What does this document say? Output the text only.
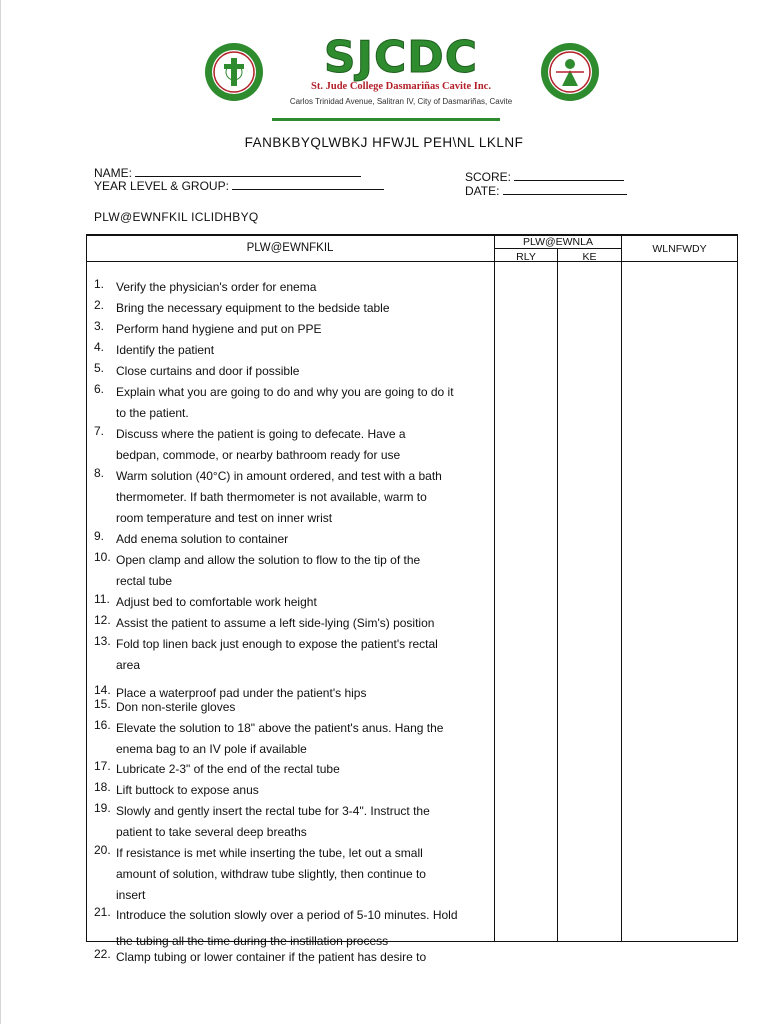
SJCDC
St. Jude College Dasmariñas Cavite Inc.
Carlos Trinidad Avenue, Salitran IV, City of Dasmariñas, Cavite
FANBKBYQLWBKJ HFWJL PEH\NL LKLNF
NAME:
YEAR LEVEL & GROUP:
SCORE:
DATE:
PLW@EWNFKIL ICLIDHBYQ
PLW@EWNFKIL	PLW@EWNLA
RLY	KE
WLNFWDY
1. Verify the physician's order for enema
2. Bring the necessary equipment to the bedside table
3. Perform hand hygiene and put on PPE
4. Identify the patient
5. Close curtains and door if possible
6. Explain what you are going to do and why you are going to do it
to the patient.
7. Discuss where the patient is going to defecate. Have a
bedpan, commode, or nearby bathroom ready for use
8. Warm solution (40°C) in amount ordered, and test with a bath
thermometer. If bath thermometer is not available, warm to
room temperature and test on inner wrist
9. Add enema solution to container
10. Open clamp and allow the solution to flow to the tip of the
rectal tube
11. Adjust bed to comfortable work height
12. Assist the patient to assume a left side-lying (Sim's) position
13. Fold top linen back just enough to expose the patient's rectal
area
14. Place a waterproof pad under the patient's hips
15. Don non-sterile gloves
16. Elevate the solution to 18" above the patient's anus. Hang the
enema bag to an IV pole if available
17. Lubricate 2-3" of the end of the rectal tube
18. Lift buttock to expose anus
19. Slowly and gently insert the rectal tube for 3-4". Instruct the
patient to take several deep breaths
20. If resistance is met while inserting the tube, let out a small
amount of solution, withdraw tube slightly, then continue to
insert
21. Introduce the solution slowly over a period of 5-10 minutes. Hold
the tubing all the time during the instillation process
22. Clamp tubing or lower container if the patient has desire to
